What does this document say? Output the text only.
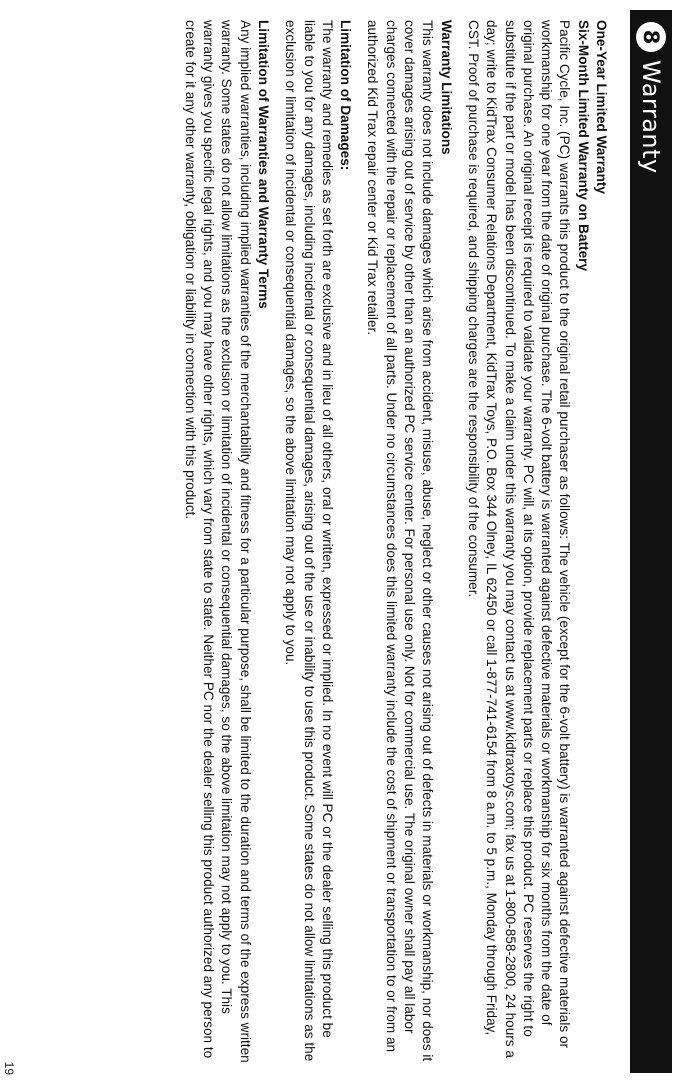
8
Warranty

One-Year Limited Warranty

Six-Month Limited Warranty on Battery

Pacific Cycle, Inc. (PC) warrants this product to the original retail purchaser as follows: The vehicle (except for the 6-volt battery) is warranted against defective materials or workmanship for one year from the date of original purchase. The 6-volt battery is warranted against defective materials or workmanship for six months from the date of original purchase. An original receipt is required to validate your warranty. PC will, at its option, provide replacement parts or replace this product. PC reserves the right to substitute if the part or model has been discontinued. To make a claim under this warranty you may contact us at www.kidtraxtoys.com; fax us at 1-800-858-2800, 24 hours a day; write to KidTrax Consumer Relations Department, KidTrax Toys, P.O. Box 344 Olney, IL 62450 or call 1-877-741-6154 from 8 a.m. to 5 p.m., Monday through Friday, CST. Proof of purchase is required, and shipping charges are the responsibility of the consumer.

Warranty Limitations

This warranty does not include damages which arise from accident, misuse, abuse, neglect or other causes not arising out of defects in materials or workmanship, nor does it cover damages arising out of service by other than an authorized PC service center. For personal use only. Not for commercial use. The original owner shall pay all labor charges connected with the repair or replacement of all parts. Under no circumstances does this limited warranty include the cost of shipment or transportation to or from an authorized Kid Trax repair center or Kid Trax retailer.

Limitation of Damages:

The warranty and remedies as set forth are exclusive and in lieu of all others, oral or written, expressed or implied. In no event will PC or the dealer selling this product be liable to you for any damages, including incidental or consequential damages, arising out of the use or inability to use this product. Some states do not allow limitations as the exclusion or limitation of incidental or consequential damages, so the above limitation may not apply to you.

Limitation of Warranties and Warranty Terms

Any implied warranties, including implied warranties of the merchantability and fitness for a particular purpose, shall be limited to the duration and terms of the express written warranty. Some states do not allow limitations as the exclusion or limitation of incidental or consequential damages, so the above limitation may not apply to you. This warranty gives you specific legal rights, and you may have other rights, which vary from state to state. Neither PC nor the dealer selling this product authorized any person to create for it any other warranty, obligation or liability in connection with this product.

19
